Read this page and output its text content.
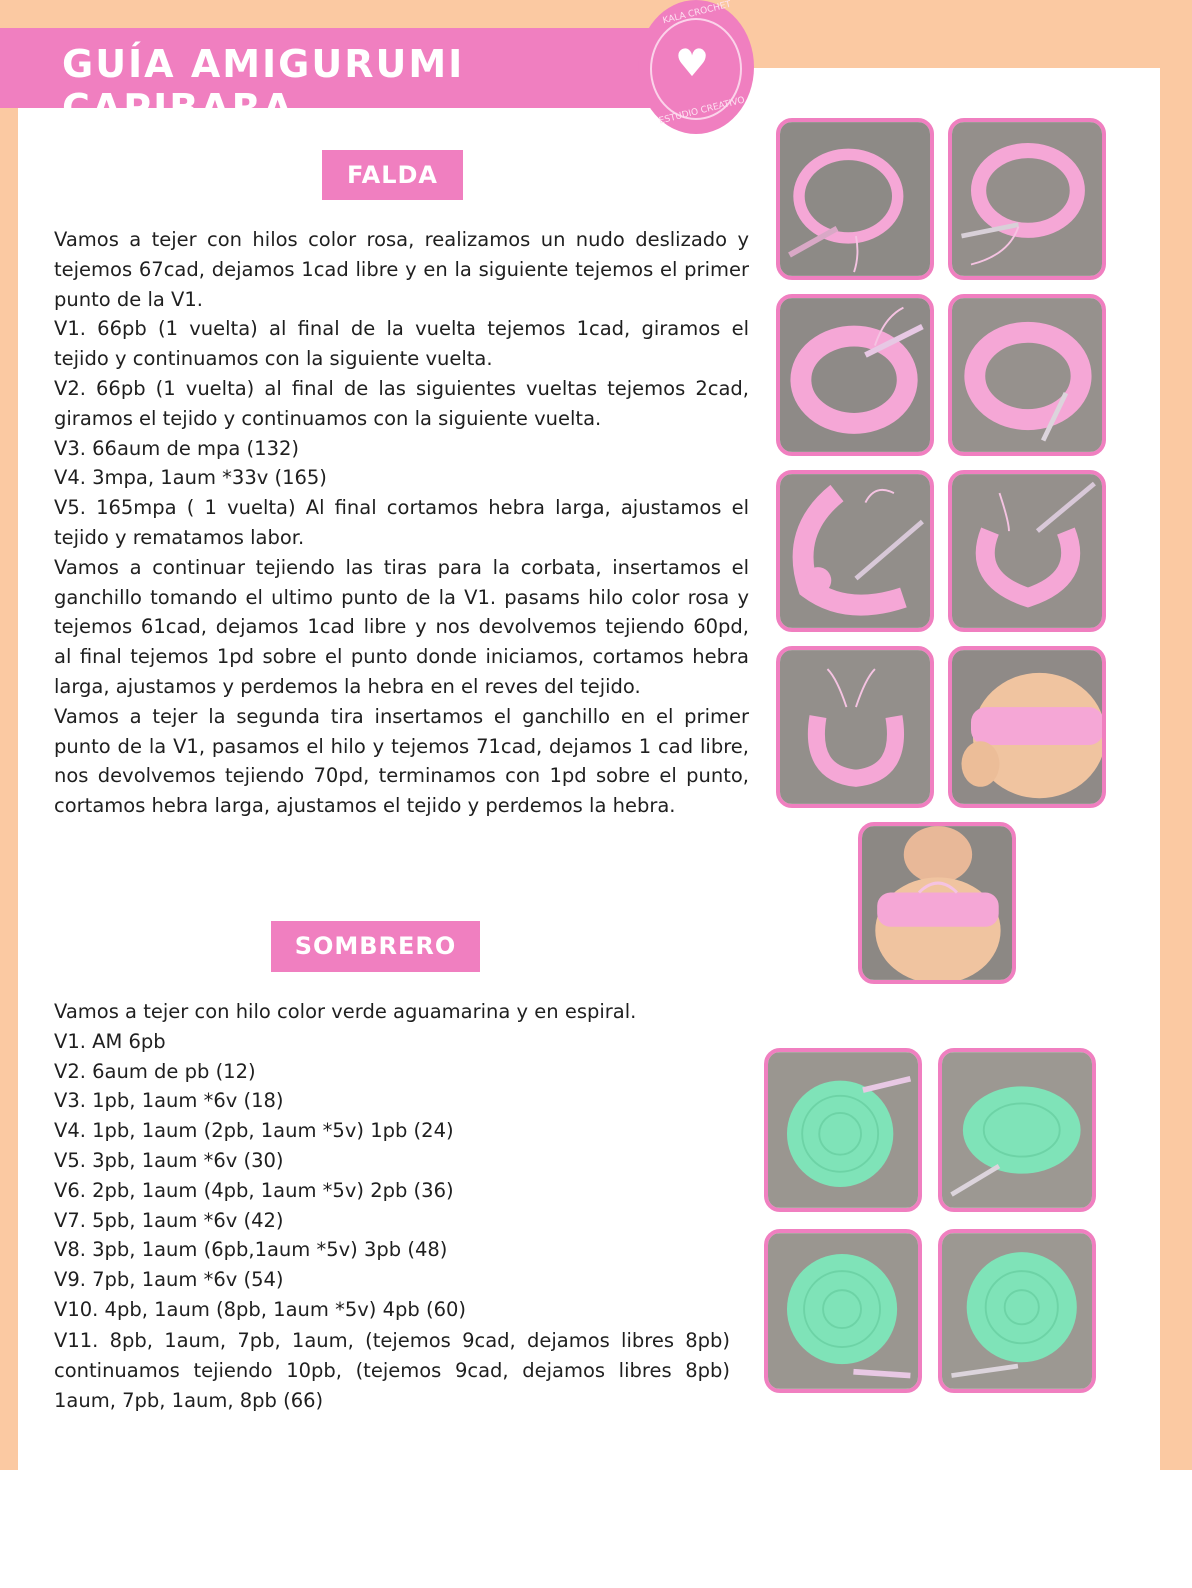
GUÍA AMIGURUMI CAPIBARA
KALA CROCHET
♥
ESTUDIO CREATIVO
FALDA

Vamos a tejer con hilos color rosa, realizamos un nudo deslizado y tejemos 67cad, dejamos 1cad libre y en la siguiente tejemos el primer punto de la V1.

V1. 66pb (1 vuelta) al final de la vuelta tejemos 1cad, giramos el tejido y continuamos con la siguiente vuelta.

V2. 66pb (1 vuelta) al final de las siguientes vueltas tejemos 2cad, giramos el tejido y continuamos con la siguiente vuelta.

V3. 66aum de mpa (132)

V4. 3mpa, 1aum *33v (165)

V5. 165mpa ( 1 vuelta) Al final cortamos hebra larga, ajustamos el tejido y rematamos labor.

Vamos a continuar tejiendo las tiras para la corbata, insertamos el ganchillo tomando el ultimo punto de la V1. pasams hilo color rosa y tejemos 61cad, dejamos 1cad libre y nos devolvemos tejiendo 60pd, al final tejemos 1pd sobre el punto donde iniciamos, cortamos hebra larga, ajustamos y perdemos la hebra en el reves del tejido.

Vamos a tejer la segunda tira insertamos el ganchillo en el primer punto de la V1, pasamos el hilo y tejemos 71cad, dejamos 1 cad libre, nos devolvemos tejiendo 70pd, terminamos con 1pd sobre el punto, cortamos hebra larga, ajustamos el tejido y perdemos la hebra.

SOMBRERO

Vamos a tejer con hilo color verde aguamarina y en espiral.

V1. AM 6pb

V2. 6aum de pb (12)

V3. 1pb, 1aum *6v (18)

V4. 1pb, 1aum (2pb, 1aum *5v) 1pb (24)

V5. 3pb, 1aum *6v (30)

V6. 2pb, 1aum (4pb, 1aum *5v) 2pb (36)

V7. 5pb, 1aum *6v (42)

V8. 3pb, 1aum (6pb,1aum *5v) 3pb (48)

V9. 7pb, 1aum *6v (54)

V10. 4pb, 1aum (8pb, 1aum *5v) 4pb (60)

V11. 8pb, 1aum, 7pb, 1aum, (tejemos 9cad, dejamos libres 8pb) continuamos tejiendo 10pb, (tejemos 9cad, dejamos libres 8pb) 1aum, 7pb, 1aum, 8pb (66)
